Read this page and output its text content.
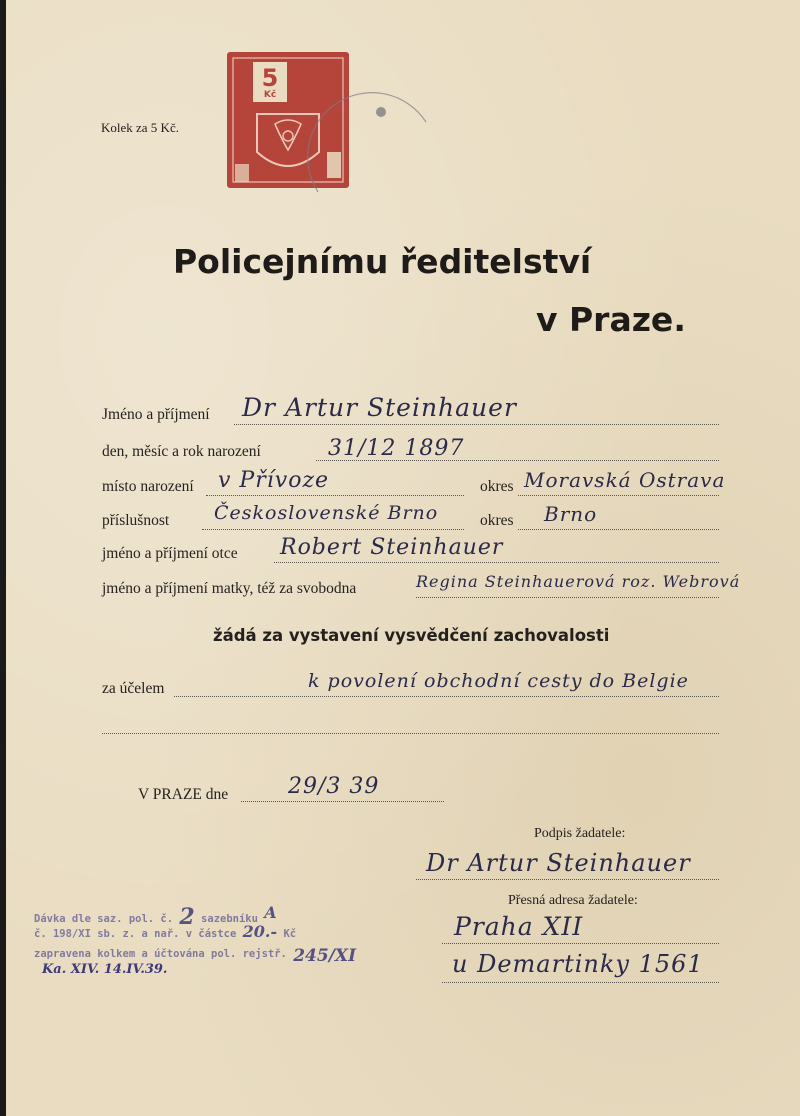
Kolek za 5 Kč.
5
Kč
Policejnímu ředitelství
v Praze.
Jméno a příjmení Dr Artur Steinhauer
den, měsíc a rok narození	31/12 1897
místo narození v Přívoze	okres Moravská Ostrava
příslušnost Československé Brno	okres Brno
jméno a příjmení otce Robert Steinhauer
jméno a příjmení matky, též za svobodna	Regina Steinhauerová roz. Webrová
žádá za vystavení vysvědčení zachovalosti
za účelem	k povolení obchodní cesty do Belgie
V PRAZE dne	29/3 39
Podpis žadatele:
Dr Artur Steinhauer
Přesná adresa žadatele:
Praha XII
u Demartinky 1561
Dávka dle saz. pol. č. 2 sazebníku A
č. 198/XI sb. z. a nař. v částce 20.- Kč
zapravena kolkem a účtována pol. rejstř. 245/XI
Ka. XIV. 14.IV.39.
